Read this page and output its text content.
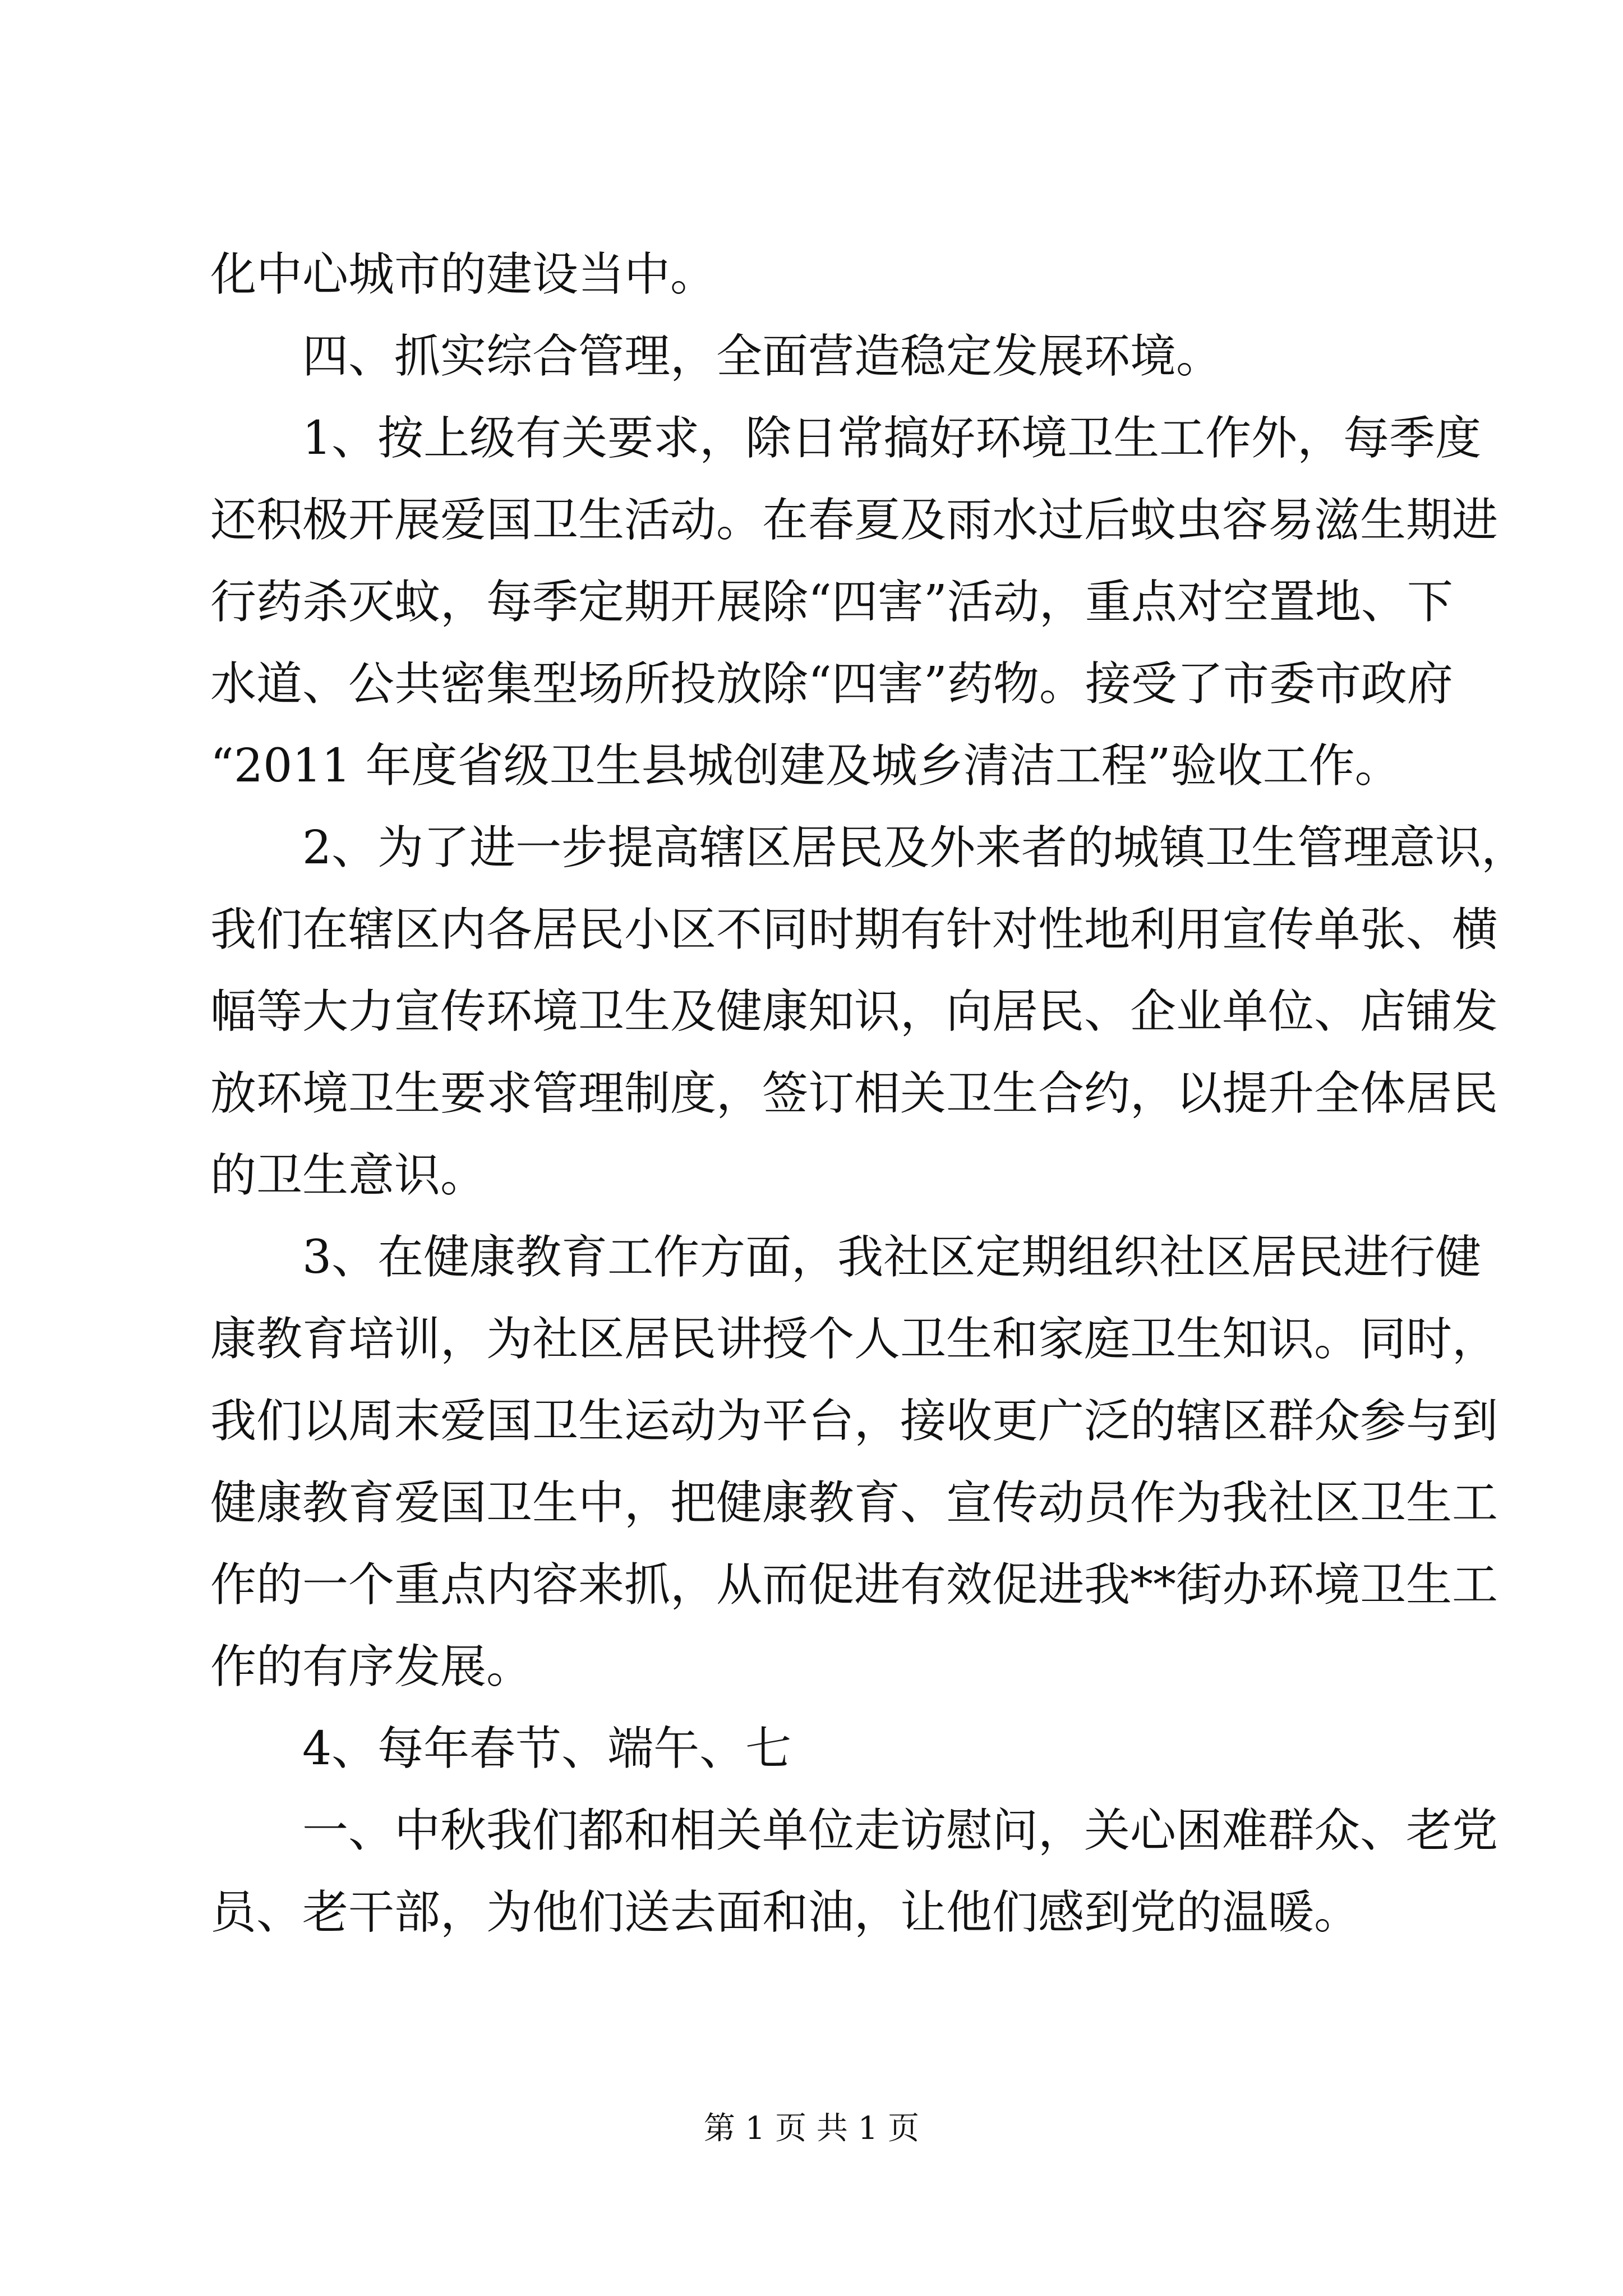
化中心城市的建设当中。
四、抓实综合管理，全面营造稳定发展环境。
1、按上级有关要求，除日常搞好环境卫生工作外，每季度
还积极开展爱国卫生活动。在春夏及雨水过后蚊虫容易滋生期进
行药杀灭蚊，每季定期开展除“四害”活动，重点对空置地、下
水道、公共密集型场所投放除“四害”药物。接受了市委市政府
“2011 年度省级卫生县城创建及城乡清洁工程”验收工作。
2、为了进一步提高辖区居民及外来者的城镇卫生管理意识，
我们在辖区内各居民小区不同时期有针对性地利用宣传单张、横
幅等大力宣传环境卫生及健康知识，向居民、企业单位、店铺发
放环境卫生要求管理制度，签订相关卫生合约，以提升全体居民
的卫生意识。
3、在健康教育工作方面，我社区定期组织社区居民进行健
康教育培训，为社区居民讲授个人卫生和家庭卫生知识。同时，
我们以周末爱国卫生运动为平台，接收更广泛的辖区群众参与到
健康教育爱国卫生中，把健康教育、宣传动员作为我社区卫生工
作的一个重点内容来抓，从而促进有效促进我**街办环境卫生工
作的有序发展。
4、每年春节、端午、七
一、中秋我们都和相关单位走访慰问，关心困难群众、老党
员、老干部，为他们送去面和油，让他们感到党的温暖。
第 1 页 共 1 页
